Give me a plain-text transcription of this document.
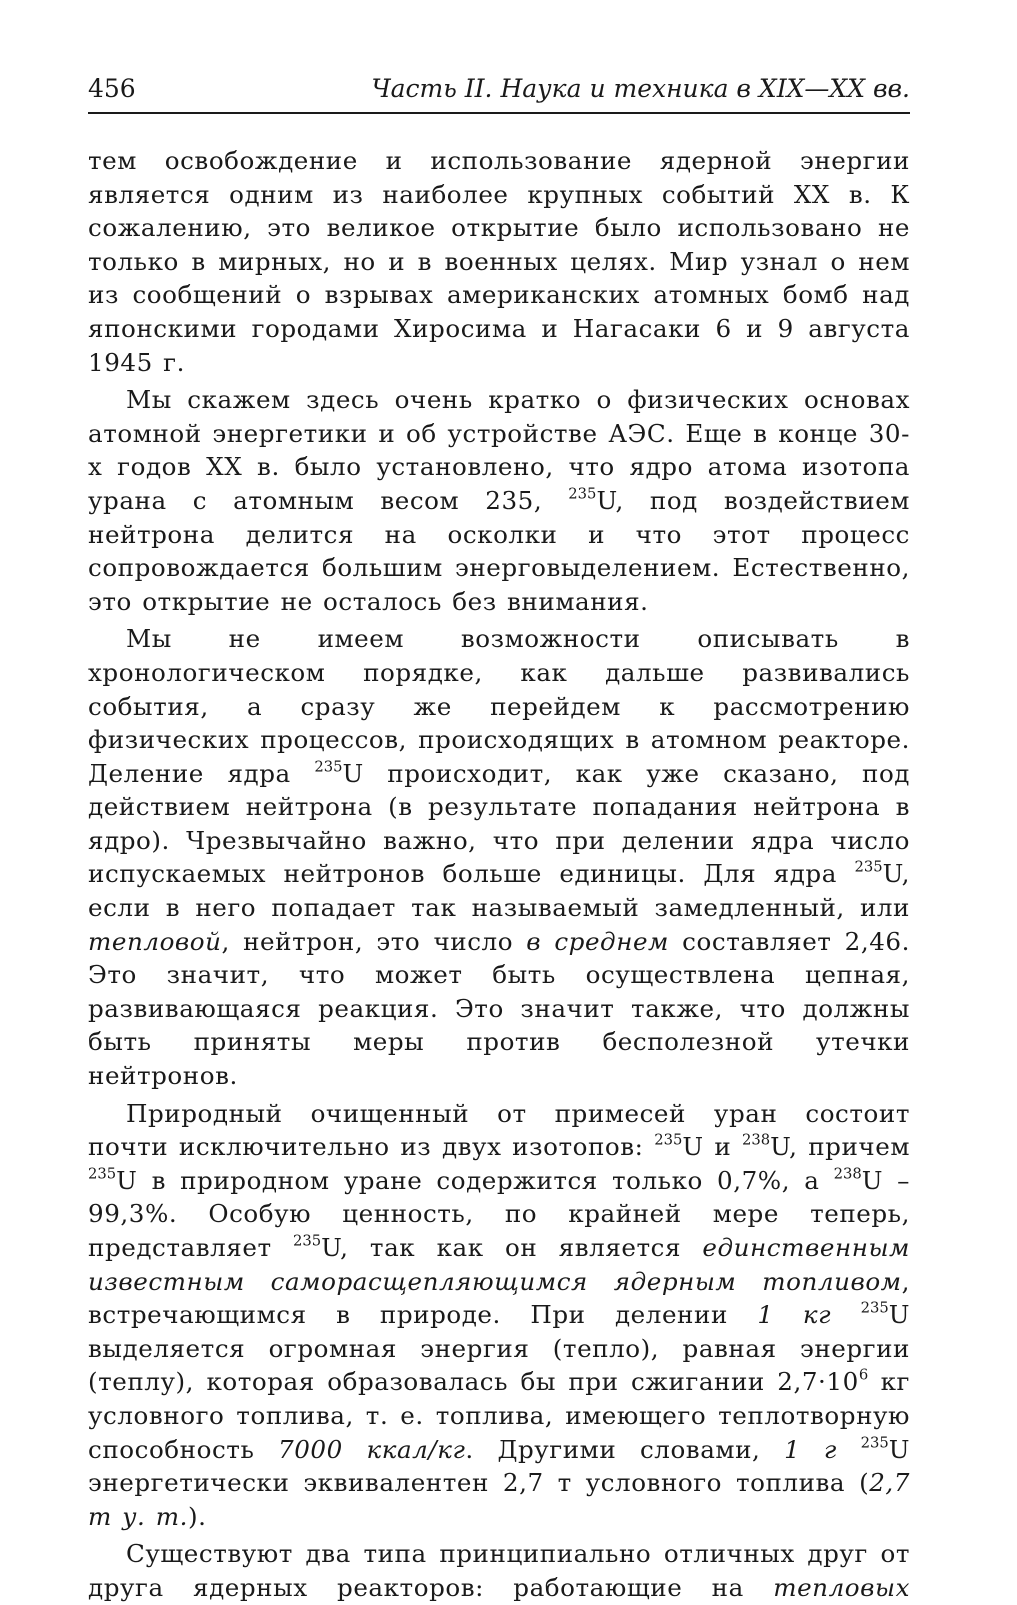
456	Часть II. Наука и техника в XIX—XX вв.

тем освобождение и использование ядерной энергии является одним из наиболее крупных событий XX в. К сожалению, это великое открытие было использовано не только в мирных, но и в военных целях. Мир узнал о нем из сообщений о взрывах американских атомных бомб над японскими городами Хиросима и Нагасаки 6 и 9 августа 1945 г.

Мы скажем здесь очень кратко о физических основах атомной энергетики и об устройстве АЭС. Еще в конце 30-х годов XX в. было установлено, что ядро атома изотопа урана с атомным весом 235, $^{235}$U, под воздействием нейтрона делится на осколки и что этот процесс сопровождается большим энерговыделением. Естественно, это открытие не осталось без внимания.

Мы не имеем возможности описывать в хронологическом порядке, как дальше развивались события, а сразу же перейдем к рассмотрению физических процессов, происходящих в атомном реакторе. Деление ядра $^{235}$U происходит, как уже сказано, под действием нейтрона (в результате попадания нейтрона в ядро). Чрезвычайно важно, что при делении ядра число испускаемых нейтронов больше единицы. Для ядра $^{235}$U, если в него попадает так называемый замедленный, или тепловой, нейтрон, это число в среднем составляет 2,46. Это значит, что может быть осуществлена цепная, развивающаяся реакция. Это значит также, что должны быть приняты меры против бесполезной утечки нейтронов.

Природный очищенный от примесей уран состоит почти исключительно из двух изотопов: $^{235}$U и $^{238}$U, причем $^{235}$U в природном уране содержится только 0,7%, а $^{238}$U – 99,3%. Особую ценность, по крайней мере теперь, представляет $^{235}$U, так как он является единственным известным саморасщепляющимся ядерным топливом, встречающимся в природе. При делении 1 кг $^{235}$U выделяется огромная энергия (тепло), равная энергии (теплу), которая образовалась бы при сжигании $2,7\cdot 10^6$ кг условного топлива, т. е. топлива, имеющего теплотворную способность 7000 ккал/кг. Другими словами, 1 г $^{235}$U энергетически эквивалентен 2,7 т условного топлива (2,7 т у. т.).

Существуют два типа принципиально отличных друг от друга ядерных реакторов: работающие на тепловых
